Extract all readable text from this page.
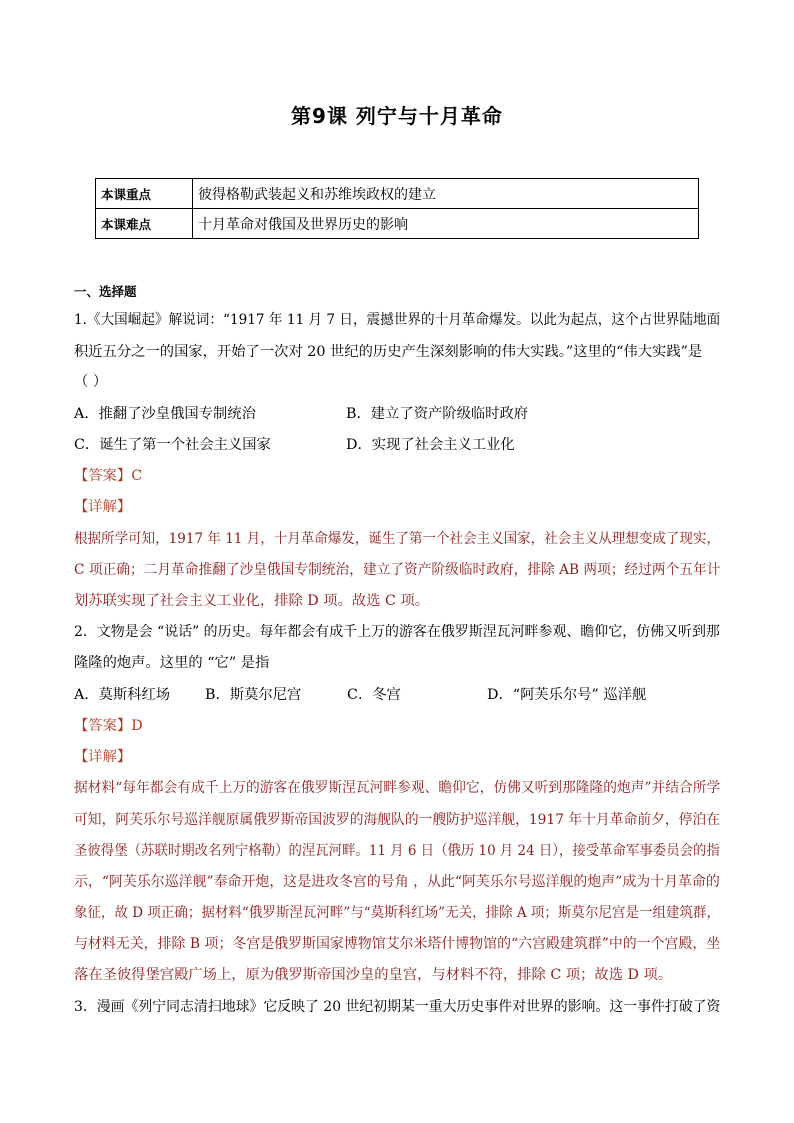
第9课 列宁与十月革命
本课重点	彼得格勒武装起义和苏维埃政权的建立
本课难点	十月革命对俄国及世界历史的影响
一、选择题
1.《大国崛起》解说词：“1917 年 11 月 7 日，震撼世界的十月革命爆发。以此为起点，这个占世界陆地面
积近五分之一的国家，开始了一次对 20 世纪的历史产生深刻影响的伟大实践。”这里的“伟大实践”是
（ ）
A．推翻了沙皇俄国专制统治	B．建立了资产阶级临时政府
C．诞生了第一个社会主义国家	D．实现了社会主义工业化
【答案】C
【详解】
根据所学可知，1917 年 11 月，十月革命爆发，诞生了第一个社会主义国家，社会主义从理想变成了现实，
C 项正确；二月革命推翻了沙皇俄国专制统治，建立了资产阶级临时政府，排除 AB 两项；经过两个五年计
划苏联实现了社会主义工业化，排除 D 项。故选 C 项。
2．文物是会 “说话” 的历史。每年都会有成千上万的游客在俄罗斯涅瓦河畔参观、瞻仰它，仿佛又听到那
隆隆的炮声。这里的 “它” 是指
A．莫斯科红场 B．斯莫尔尼宫	C．冬宫	D．“阿芙乐尔号” 巡洋舰
【答案】D
【详解】
据材料“每年都会有成千上万的游客在俄罗斯涅瓦河畔参观、瞻仰它，仿佛又听到那隆隆的炮声”并结合所学
可知，阿芙乐尔号巡洋舰原属俄罗斯帝国波罗的海舰队的一艘防护巡洋舰，1917 年十月革命前夕，停泊在
圣彼得堡（苏联时期改名列宁格勒）的涅瓦河畔。11 月 6 日（俄历 10 月 24 日），接受革命军事委员会的指
示，“阿芙乐尔巡洋舰”奉命开炮，这是进攻冬宫的号角 ，从此“阿芙乐尔号巡洋舰的炮声”成为十月革命的
象征，故 D 项正确；据材料“俄罗斯涅瓦河畔”与“莫斯科红场”无关，排除 A 项；斯莫尔尼宫是一组建筑群，
与材料无关，排除 B 项；冬宫是俄罗斯国家博物馆艾尔米塔什博物馆的“六宫殿建筑群”中的一个宫殿，坐
落在圣彼得堡宫殿广场上，原为俄罗斯帝国沙皇的皇宫，与材料不符，排除 C 项；故选 D 项。
3．漫画《列宁同志清扫地球》它反映了 20 世纪初期某一重大历史事件对世界的影响。这一事件打破了资
